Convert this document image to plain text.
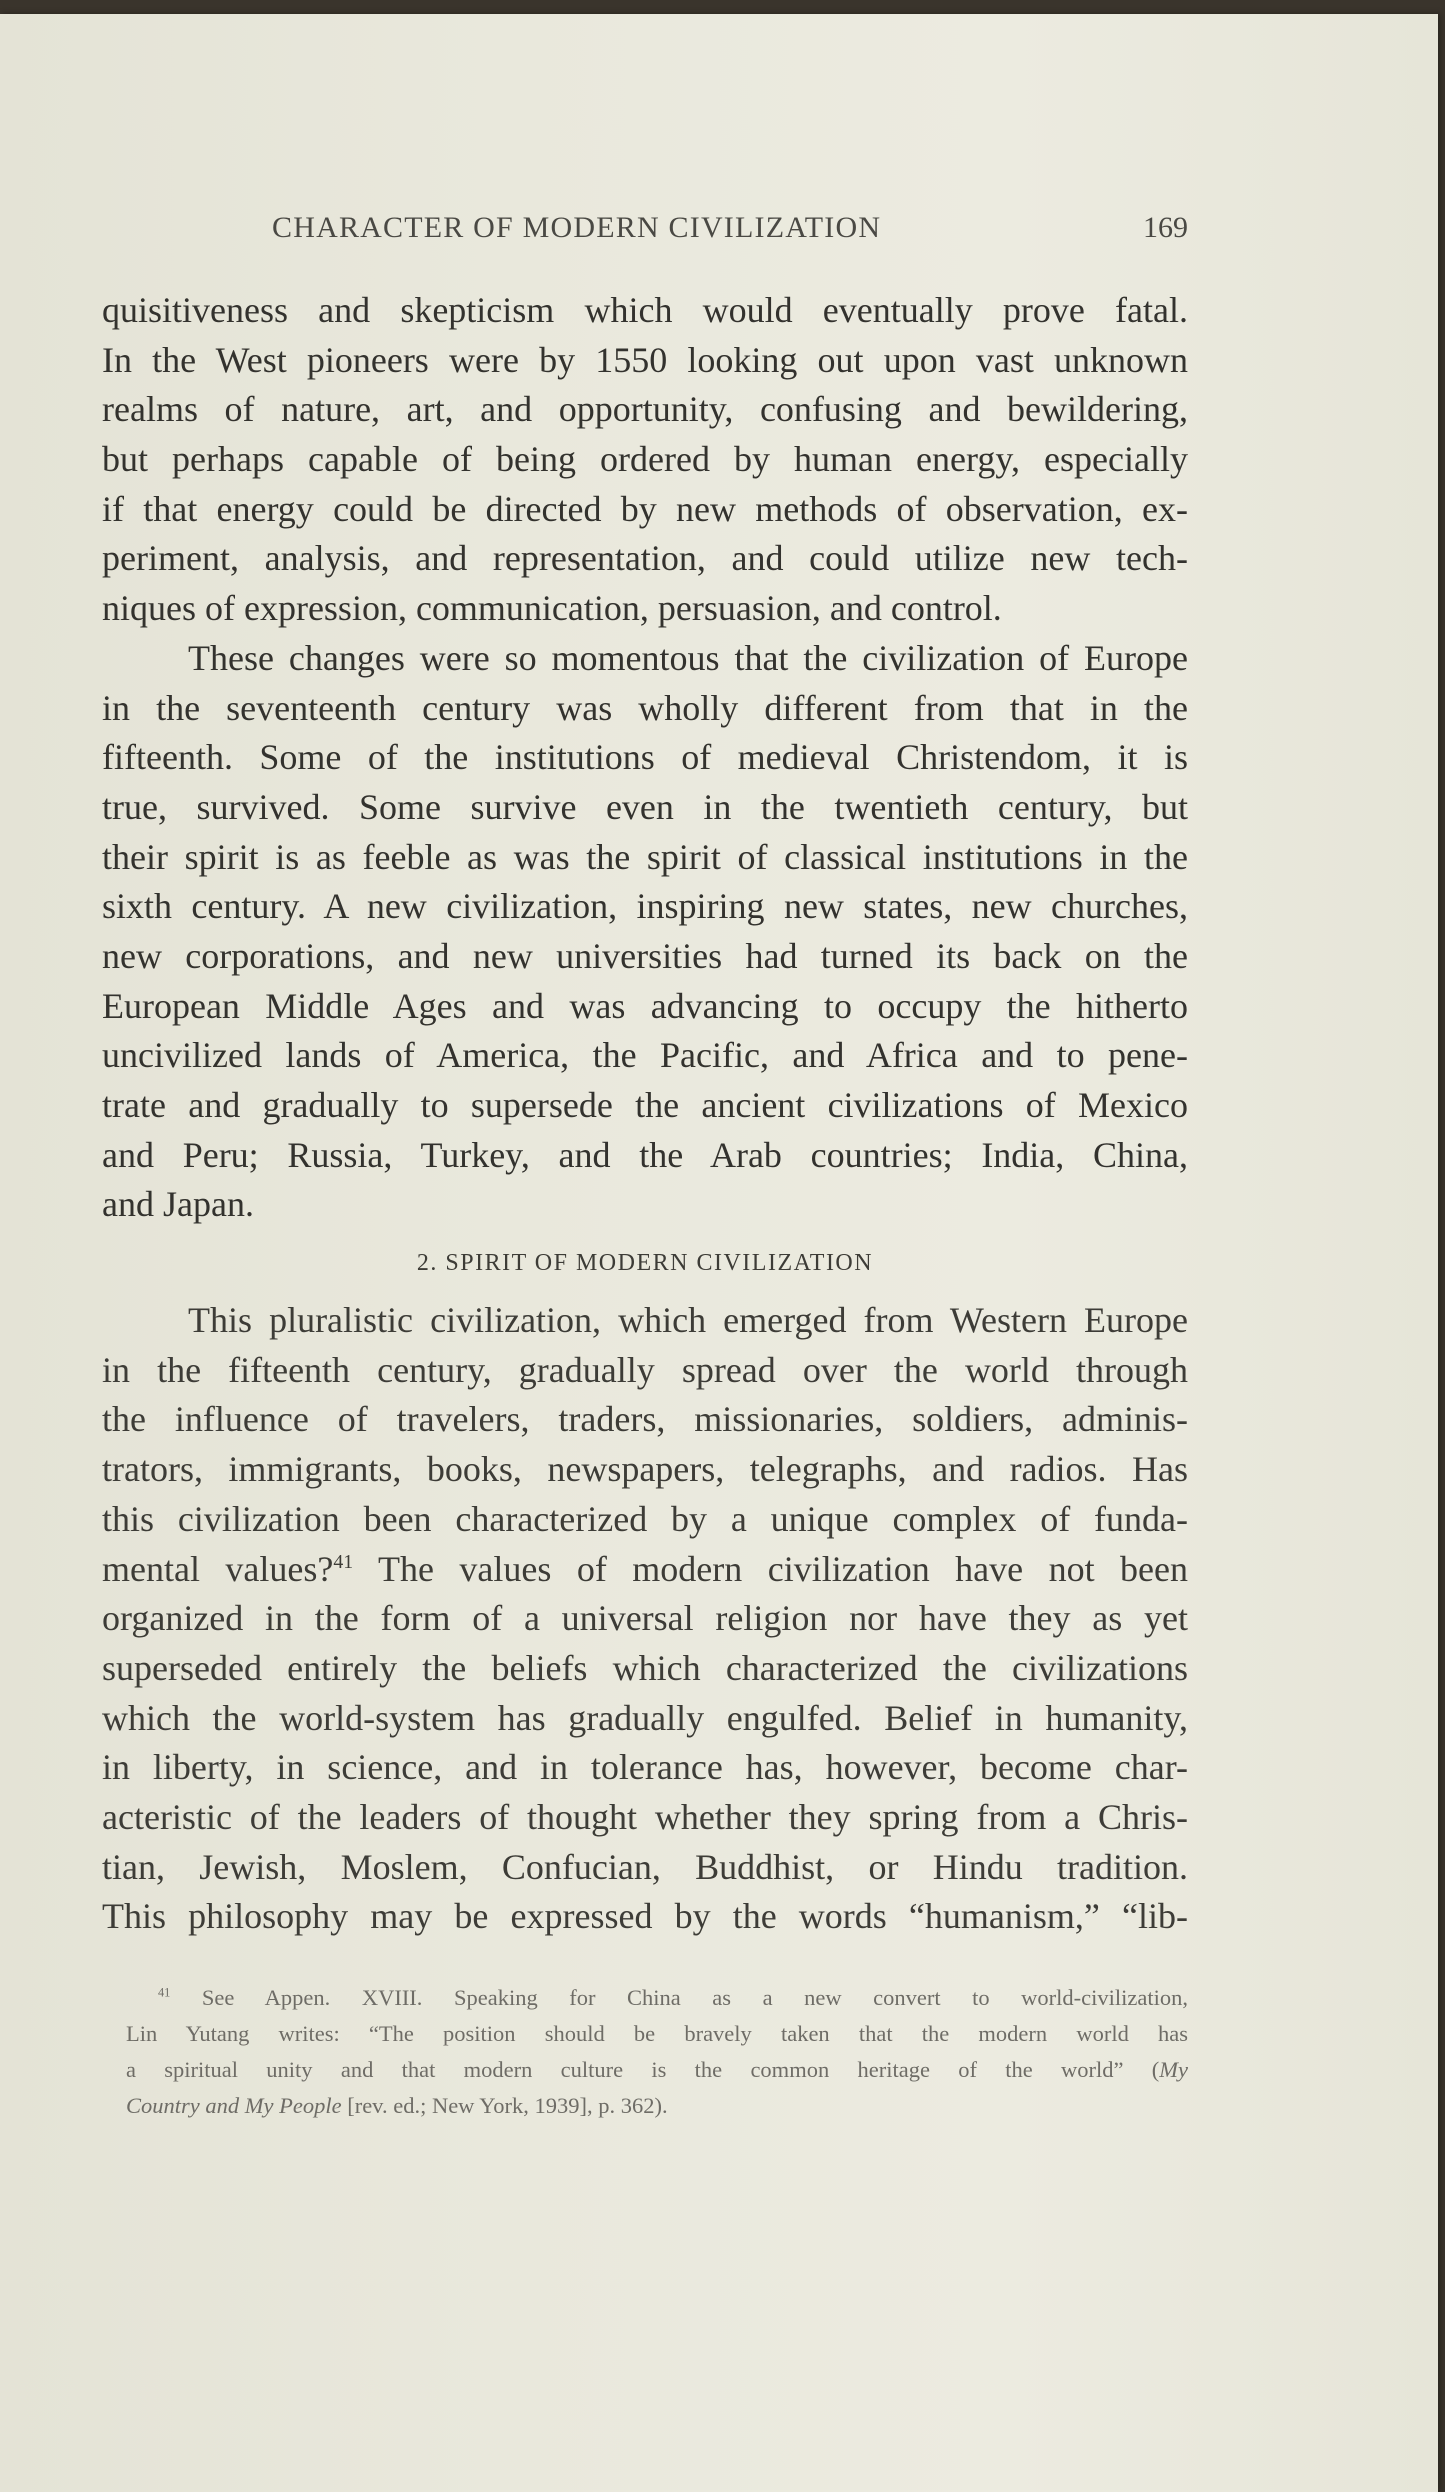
CHARACTER OF MODERN CIVILIZATION	169
quisitiveness and skepticism which would eventually prove fatal.
In the West pioneers were by 1550 looking out upon vast unknown
realms of nature, art, and opportunity, confusing and bewildering,
but perhaps capable of being ordered by human energy, especially
if that energy could be directed by new methods of observation, ex-
periment, analysis, and representation, and could utilize new tech-
niques of expression, communication, persuasion, and control.
These changes were so momentous that the civilization of Europe
in the seventeenth century was wholly different from that in the
fifteenth. Some of the institutions of medieval Christendom, it is
true, survived. Some survive even in the twentieth century, but
their spirit is as feeble as was the spirit of classical institutions in the
sixth century. A new civilization, inspiring new states, new churches,
new corporations, and new universities had turned its back on the
European Middle Ages and was advancing to occupy the hitherto
uncivilized lands of America, the Pacific, and Africa and to pene-
trate and gradually to supersede the ancient civilizations of Mexico
and Peru; Russia, Turkey, and the Arab countries; India, China,
and Japan.
2. SPIRIT OF MODERN CIVILIZATION
This pluralistic civilization, which emerged from Western Europe
in the fifteenth century, gradually spread over the world through
the influence of travelers, traders, missionaries, soldiers, adminis-
trators, immigrants, books, newspapers, telegraphs, and radios. Has
this civilization been characterized by a unique complex of funda-
mental values?$^{41}$ The values of modern civilization have not been
organized in the form of a universal religion nor have they as yet
superseded entirely the beliefs which characterized the civilizations
which the world-system has gradually engulfed. Belief in humanity,
in liberty, in science, and in tolerance has, however, become char-
acteristic of the leaders of thought whether they spring from a Chris-
tian, Jewish, Moslem, Confucian, Buddhist, or Hindu tradition.
This philosophy may be expressed by the words “humanism,” “lib-
$^{41}$ See Appen. XVIII. Speaking for China as a new convert to world-civilization,
Lin Yutang writes: “The position should be bravely taken that the modern world has
a spiritual unity and that modern culture is the common heritage of the world” (My
Country and My People [rev. ed.; New York, 1939], p. 362).
